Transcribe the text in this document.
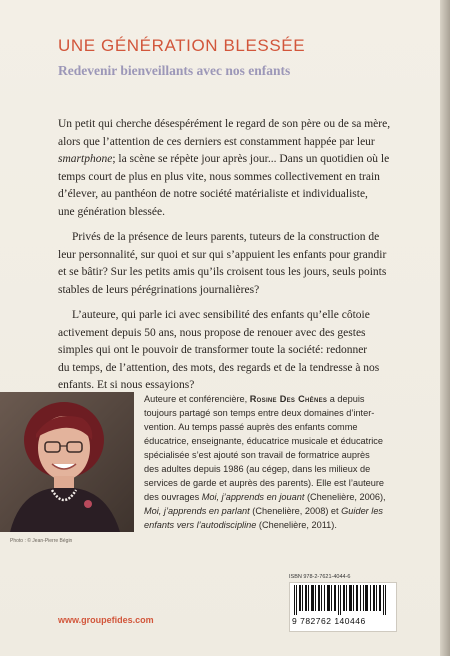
UNE GÉNÉRATION BLESSÉE
Redevenir bienveillants avec nos enfants

Un petit qui cherche désespérément le regard de son père ou de sa mère,
alors que l’attention de ces derniers est constamment happée par leur
smartphone; la scène se répète jour après jour... Dans un quotidien où le
temps court de plus en plus vite, nous sommes collectivement en train
d’élever, au panthéon de notre société matérialiste et individualiste,
une génération blessée.

Privés de la présence de leurs parents, tuteurs de la construction de
leur personnalité, sur quoi et sur qui s’appuient les enfants pour grandir
et se bâtir? Sur les petits amis qu’ils croisent tous les jours, seuls points
stables de leurs pérégrinations journalières?

L’auteure, qui parle ici avec sensibilité des enfants qu’elle côtoie
activement depuis 50 ans, nous propose de renouer avec des gestes
simples qui ont le pouvoir de transformer toute la société: redonner
du temps, de l’attention, des mots, des regards et de la tendresse à nos
enfants. Et si nous essayions?

Photo : © Jean-Pierre Bégin
Auteure et conférencière, Rosine Des Chênes a depuis
toujours partagé son temps entre deux domaines d’inter-
vention. Au temps passé auprès des enfants comme
éducatrice, enseignante, éducatrice musicale et éducatrice
spécialisée s’est ajouté son travail de formatrice auprès
des adultes depuis 1986 (au cégep, dans les milieux de
services de garde et auprès des parents). Elle est l’auteure
des ouvrages Moi, j’apprends en jouant (Chenelière, 2006),
Moi, j’apprends en parlant (Chenelière, 2008) et Guider les
enfants vers l’autodiscipline (Chenelière, 2011).
ISBN 978-2-7621-4044-6
9 782762 140446
www.groupefides.com
